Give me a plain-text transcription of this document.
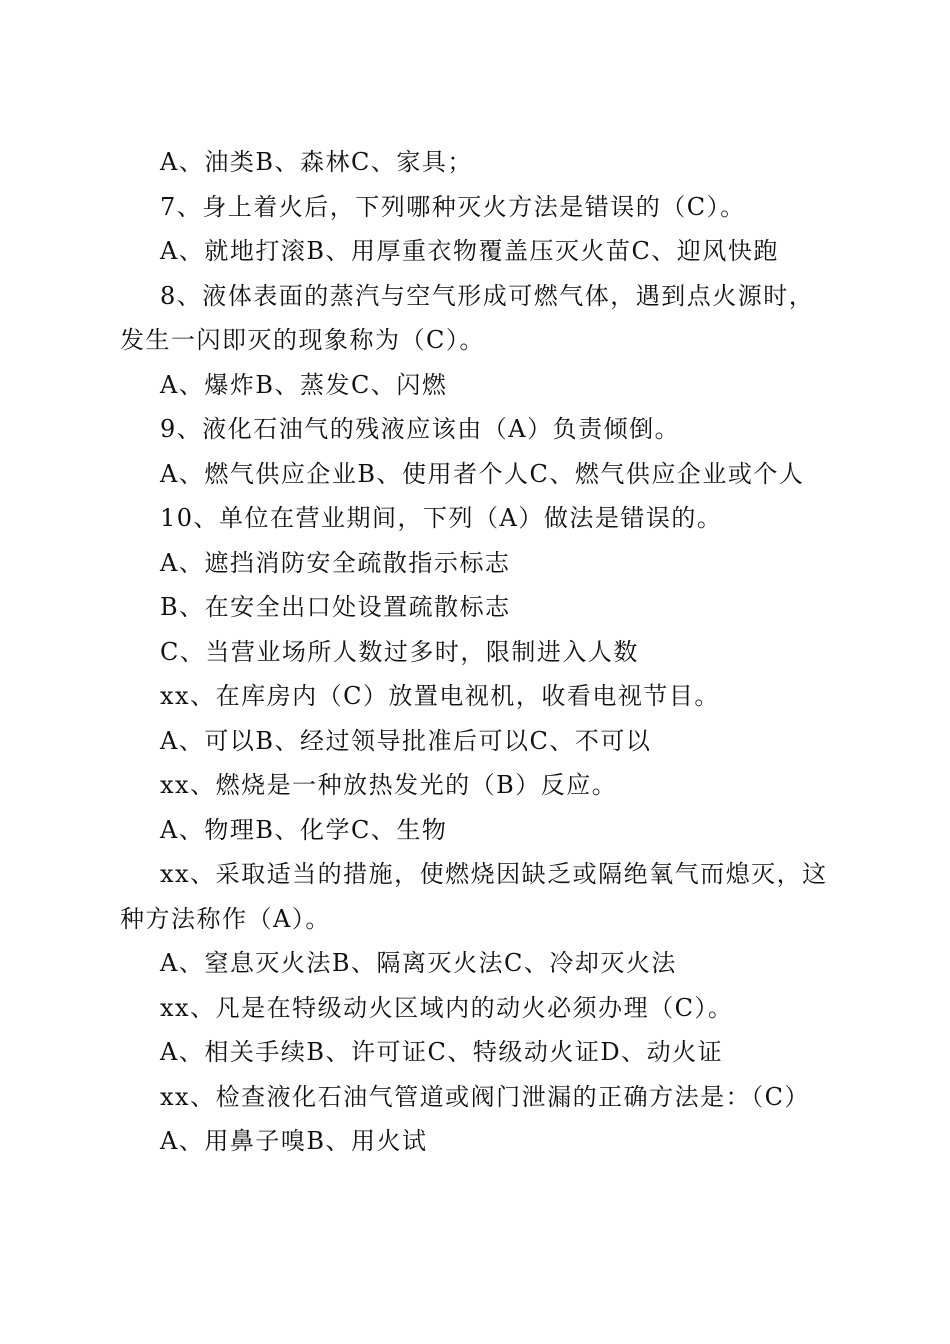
A、油类B、森林C、家具；
7、身上着火后，下列哪种灭火方法是错误的（C）。
A、就地打滚B、用厚重衣物覆盖压灭火苗C、迎风快跑
8、液体表面的蒸汽与空气形成可燃气体，遇到点火源时，发生一闪即灭的现象称为（C）。
A、爆炸B、蒸发C、闪燃
9、液化石油气的残液应该由（A）负责倾倒。
A、燃气供应企业B、使用者个人C、燃气供应企业或个人
10、单位在营业期间，下列（A）做法是错误的。
A、遮挡消防安全疏散指示标志
B、在安全出口处设置疏散标志
C、当营业场所人数过多时，限制进入人数
xx、在库房内（C）放置电视机，收看电视节目。
A、可以B、经过领导批准后可以C、不可以
xx、燃烧是一种放热发光的（B）反应。
A、物理B、化学C、生物
xx、采取适当的措施，使燃烧因缺乏或隔绝氧气而熄灭，这种方法称作（A）。
A、窒息灭火法B、隔离灭火法C、冷却灭火法
xx、凡是在特级动火区域内的动火必须办理（C）。
A、相关手续B、许可证C、特级动火证D、动火证
xx、检查液化石油气管道或阀门泄漏的正确方法是：（C）
A、用鼻子嗅B、用火试
